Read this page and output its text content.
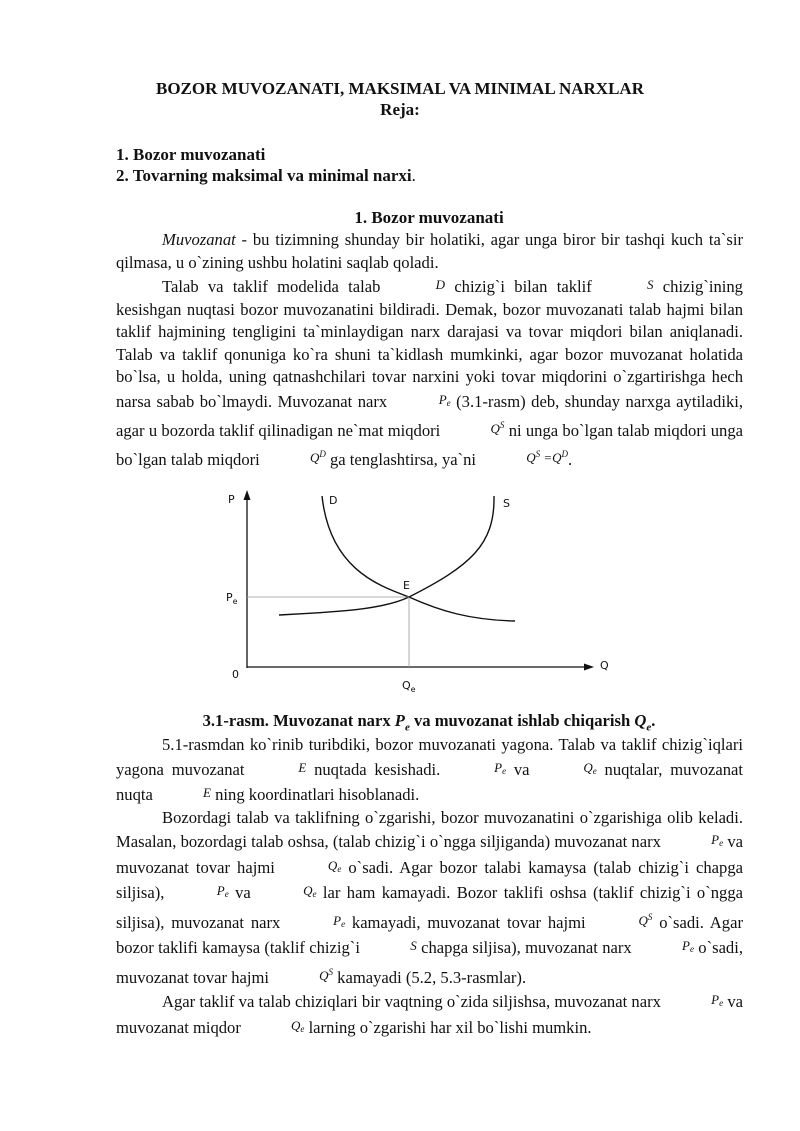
BOZOR MUVOZANATI, MAKSIMAL VA MINIMAL NARXLAR
Reja:
1. Bozor muvozanati
2. Tovarning maksimal va minimal narxi.
1. Bozor muvozanati

Muvozanat - bu tizimning shunday bir holatiki, agar unga biror bir tashqi kuch ta`sir qilmasa, u o`zining ushbu holatini saqlab qoladi.

Talab va taklif modelida talab	D chizig`i bilan taklif	S chizig`ining kesishgan nuqtasi bozor muvozanatini bildiradi. Demak, bozor muvozanati talab hajmi bilan taklif hajmining tengligini ta`minlaydigan narx darajasi va tovar miqdori bilan aniqlanadi. Talab va taklif qonuniga ko`ra shuni ta`kidlash mumkinki, agar bozor muvozanat holatida bo`lsa, u holda, uning qatnashchilari tovar narxini yoki tovar miqdorini o`zgartirishga hech narsa sabab bo`lmaydi. Muvozanat narx	$P_e$ (3.1-rasm) deb, shunday narxga aytiladiki, agar u bozorda taklif qilinadigan ne`mat miqdori	$Q^S$ ni unga bo`lgan talab miqdori unga bo`lgan talab miqdori	$Q^D$ ga tenglashtirsa, ya`ni	$Q^S =Q^D$.

P
Q
0
D	S
E
$P_e$
$Q_e$
3.1-rasm. Muvozanat narx $P_e$ va muvozanat ishlab chiqarish $Q_e$.

5.1-rasmdan ko`rinib turibdiki, bozor muvozanati yagona. Talab va taklif chizig`iqlari yagona muvozanat	E nuqtada kesishadi.	$P_e$ va	$Q_e$ nuqtalar, muvozanat nuqta	E ning koordinatlari hisoblanadi.

Bozordagi talab va taklifning o`zgarishi, bozor muvozanatini o`zgarishiga olib keladi. Masalan, bozordagi talab oshsa, (talab chizig`i o`ngga siljiganda) muvozanat narx	$P_e$ va muvozanat tovar hajmi	$Q_e$ o`sadi. Agar bozor talabi kamaysa (talab chizig`i chapga siljisa),	$P_e$ va	$Q_e$ lar ham kamayadi. Bozor taklifi oshsa (taklif chizig`i o`ngga siljisa), muvozanat narx	$P_e$ kamayadi, muvozanat tovar hajmi	$Q^S$ o`sadi. Agar bozor taklifi kamaysa (taklif chizig`i	S chapga siljisa), muvozanat narx	$P_e$ o`sadi, muvozanat tovar hajmi	$Q^S$ kamayadi (5.2, 5.3-rasmlar).

Agar taklif va talab chiziqlari bir vaqtning o`zida siljishsa, muvozanat narx	$P_e$ va muvozanat miqdor	$Q_e$ larning o`zgarishi har xil bo`lishi mumkin.
